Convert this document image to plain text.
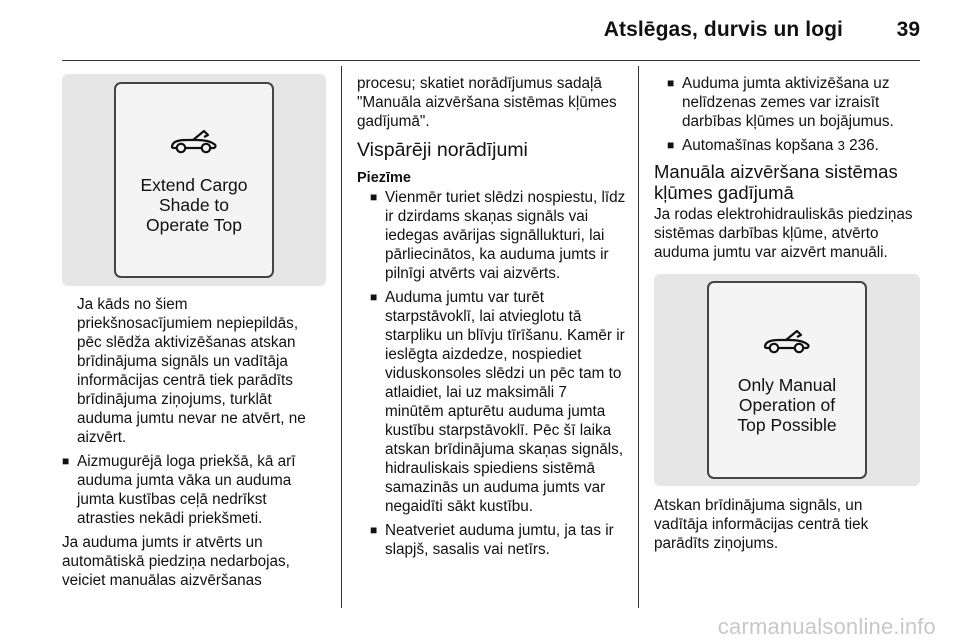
Atslēgas, durvis un logi	39
Extend Cargo
Shade to
Operate Top

Ja kāds no šiem priekšnosacījumiem nepiepildās, pēc slēdža aktivizēšanas atskan brīdinājuma signāls un vadītāja informācijas centrā tiek parādīts brīdinājuma ziņojums, turklāt auduma jumtu nevar ne atvērt, ne aizvērt.

■ Aizmugurējā loga priekšā, kā arī auduma jumta vāka un auduma jumta kustības ceļā nedrīkst atrasties nekādi priekšmeti.

Ja auduma jumts ir atvērts un automātiskā piedziņa nedarbojas, veiciet manuālas aizvēršanas

procesu; skatiet norādījumus sadaļā "Manuāla aizvēršana sistēmas kļūmes gadījumā".

Vispārēji norādījumi
Piezīme
■ Vienmēr turiet slēdzi nospiestu, līdz ir dzirdams skaņas signāls vai iedegas avārijas signāllukturi, lai pārliecinātos, ka auduma jumts ir pilnīgi atvērts vai aizvērts.
■ Auduma jumtu var turēt starpstāvoklī, lai atvieglotu tā starpliku un blīvju tīrīšanu. Kamēr ir ieslēgta aizdedze, nospiediet viduskonsoles slēdzi un pēc tam to atlaidiet, lai uz maksimāli 7 minūtēm apturētu auduma jumta kustību starpstāvoklī. Pēc šī laika atskan brīdinājuma skaņas signāls, hidrauliskais spiediens sistēmā samazinās un auduma jumts var negaidīti sākt kustību.
■ Neatveriet auduma jumtu, ja tas ir slapjš, sasalis vai netīrs.
■ Auduma jumta aktivizēšana uz nelīdzenas zemes var izraisīt darbības kļūmes un bojājumus.
■ Automašīnas kopšana 3 236.
Manuāla aizvēršana sistēmas kļūmes gadījumā

Ja rodas elektrohidrauliskās piedziņas sistēmas darbības kļūme, atvērto auduma jumtu var aizvērt manuāli.

Only Manual
Operation of
Top Possible

Atskan brīdinājuma signāls, un vadītāja informācijas centrā tiek parādīts ziņojums.

carmanualsonline.info
